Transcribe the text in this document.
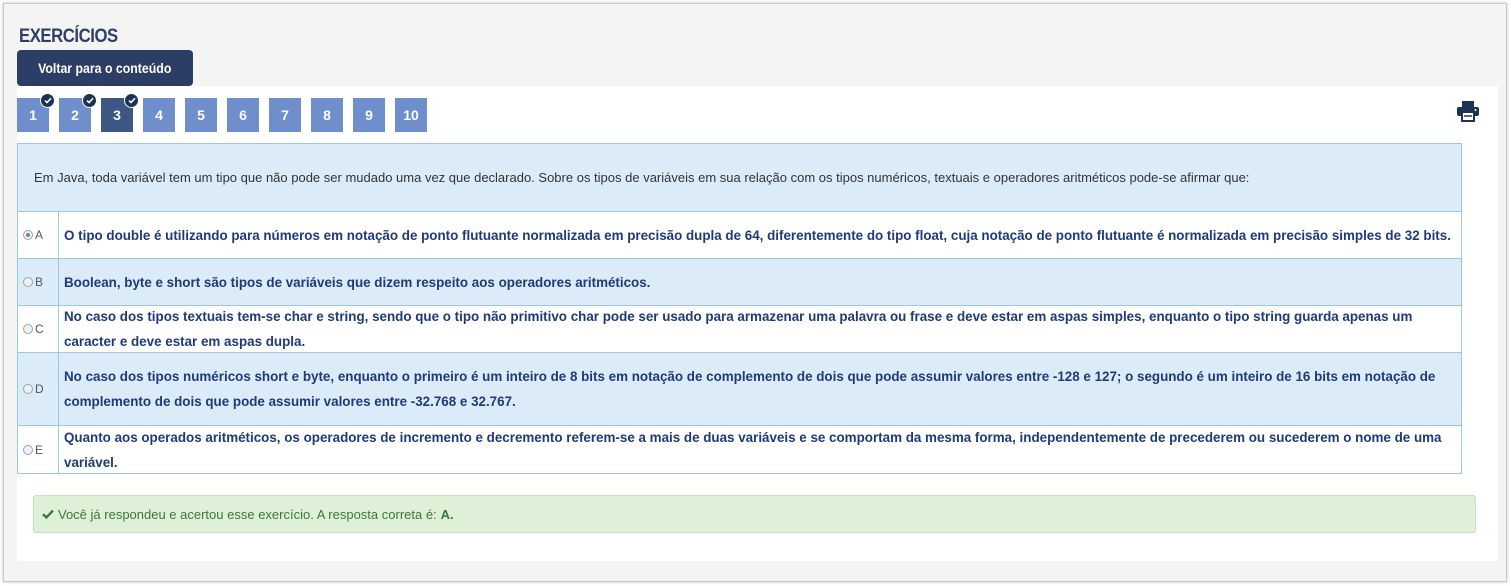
EXERCÍCIOS
Voltar para o conteúdo
1 2 3 4 5 6 7 8 9 10
Em Java, toda variável tem um tipo que não pode ser mudado uma vez que declarado. Sobre os tipos de variáveis em sua relação com os tipos numéricos, textuais e operadores aritméticos pode-se afirmar que:
A	O tipo double é utilizando para números em notação de ponto flutuante normalizada em precisão dupla de 64, diferentemente do tipo float, cuja notação de ponto flutuante é normalizada em precisão simples de 32 bits.
B	Boolean, byte e short são tipos de variáveis que dizem respeito aos operadores aritméticos.
C
No caso dos tipos textuais tem-se char e string, sendo que o tipo não primitivo char pode ser usado para armazenar uma palavra ou frase e deve estar em aspas simples, enquanto o tipo string guarda apenas um caracter e deve estar em aspas dupla.
D
No caso dos tipos numéricos short e byte, enquanto o primeiro é um inteiro de 8 bits em notação de complemento de dois que pode assumir valores entre -128 e 127; o segundo é um inteiro de 16 bits em notação de complemento de dois que pode assumir valores entre -32.768 e 32.767.
E
Quanto aos operados aritméticos, os operadores de incremento e decremento referem-se a mais de duas variáveis e se comportam da mesma forma, independentemente de precederem ou sucederem o nome de uma variável.
Você já respondeu e acertou esse exercício. A resposta correta é: A.
